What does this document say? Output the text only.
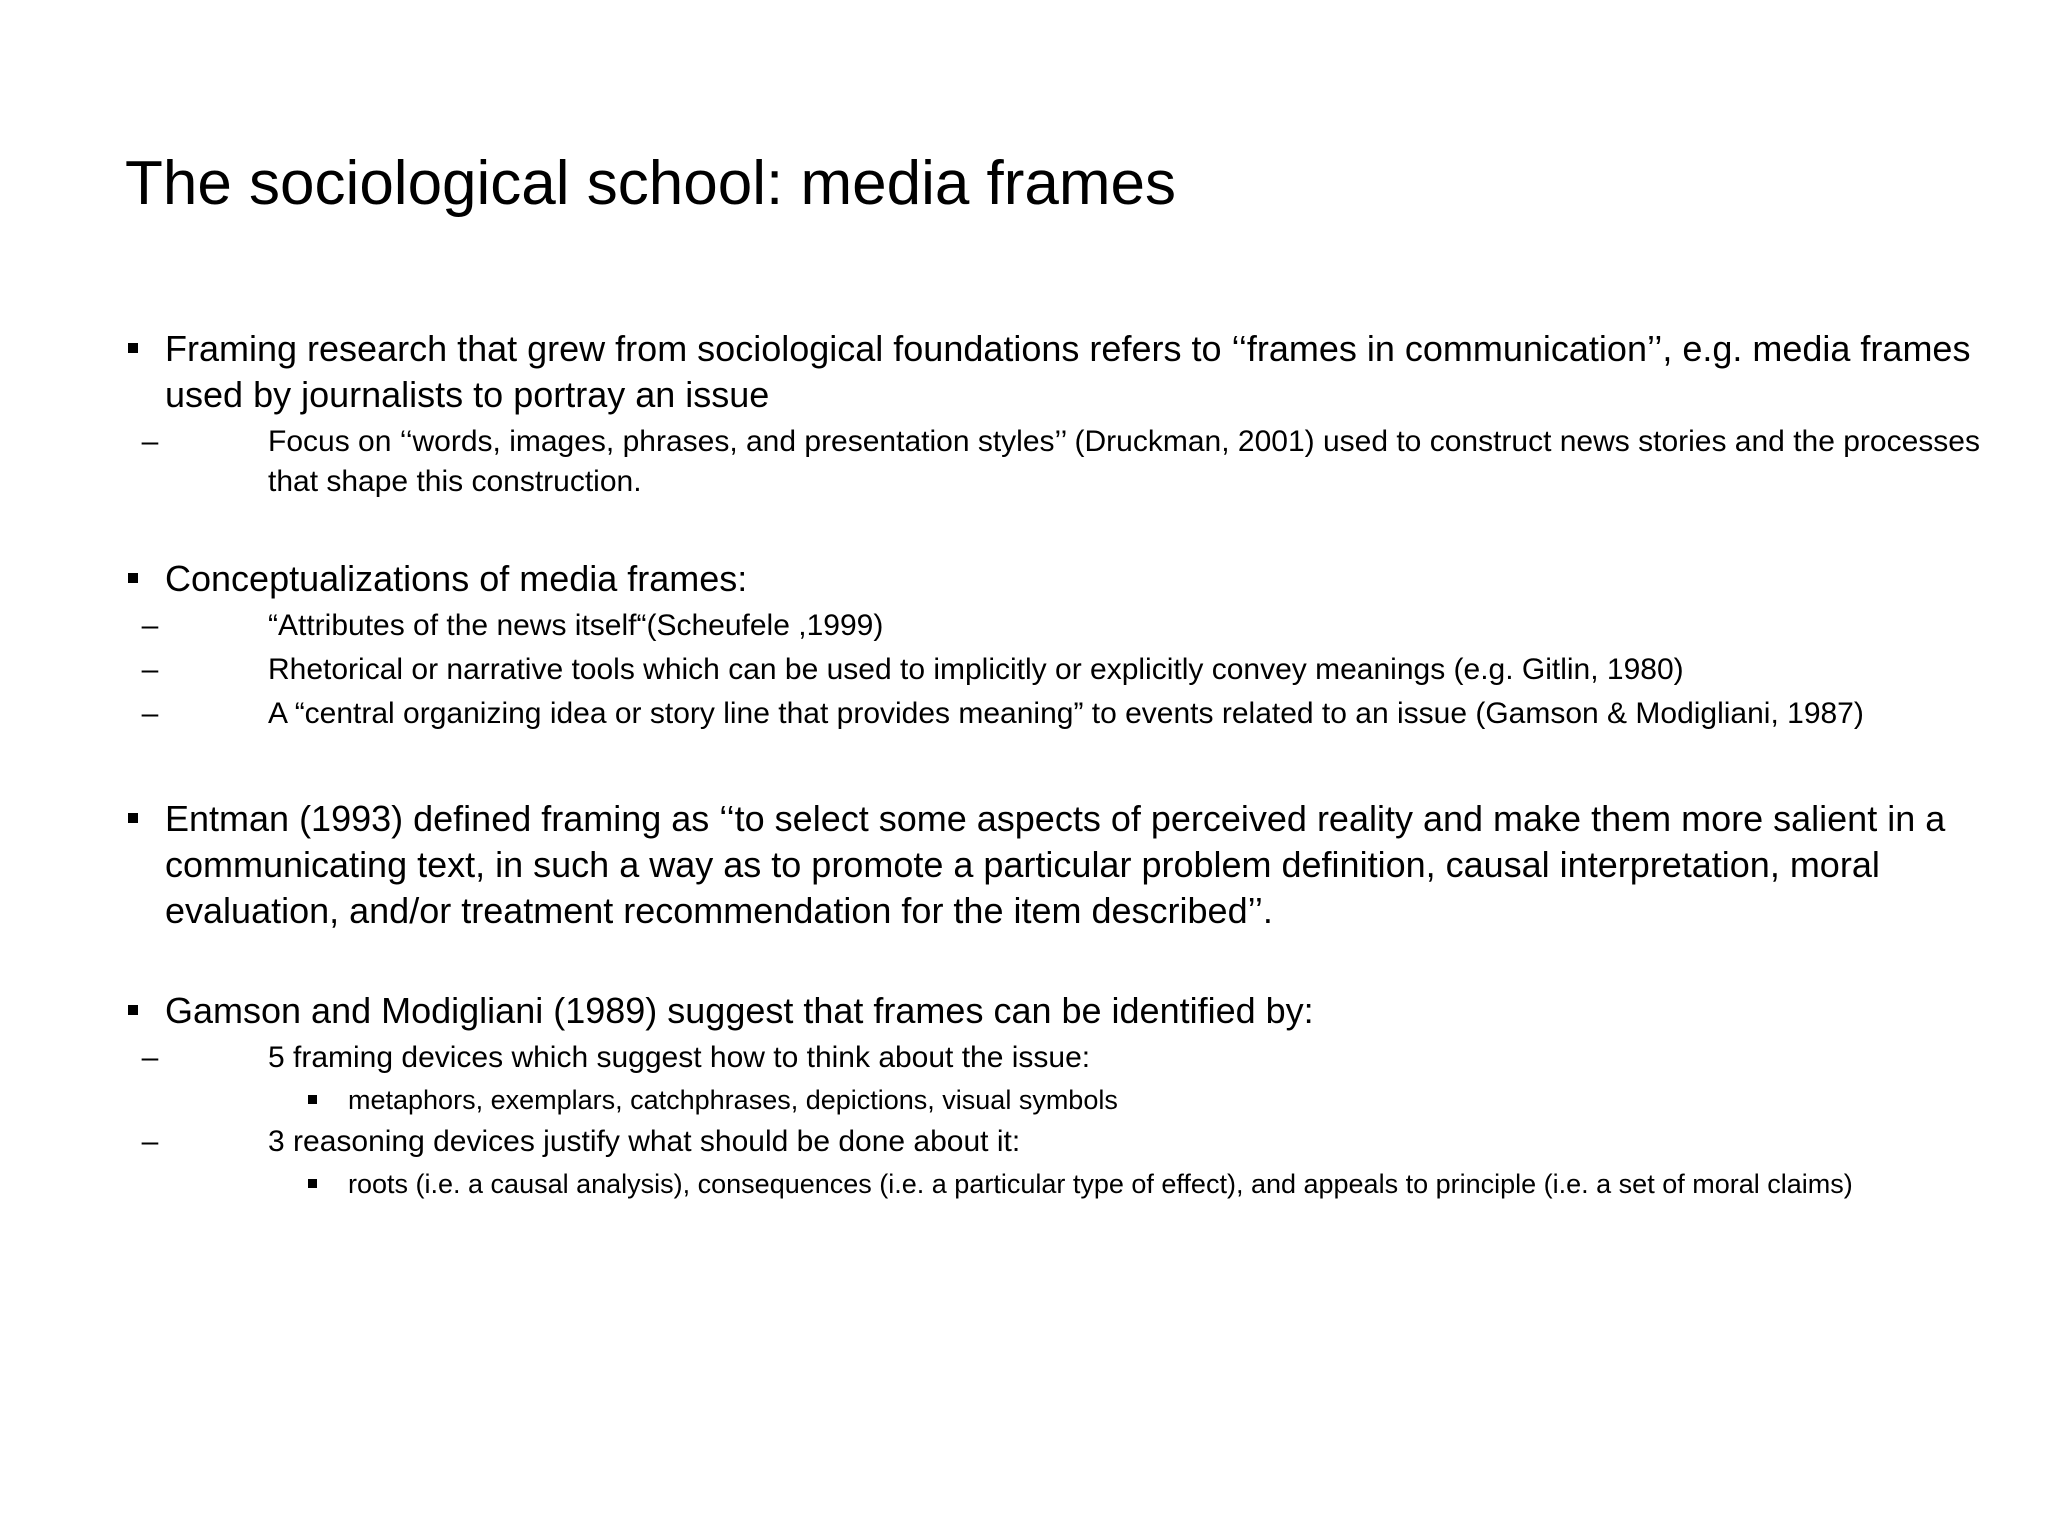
The sociological school: media frames
Framing research that grew from sociological foundations refers to ‘‘frames in communication’’, e.g. media frames used by journalists to portray an issue
–	Focus on ‘‘words, images, phrases, and presentation styles’’ (Druckman, 2001) used to construct news stories and the processes that shape this construction.
Conceptualizations of media frames:
–	“Attributes of the news itself“(Scheufele ,1999)
–	Rhetorical or narrative tools which can be used to implicitly or explicitly convey meanings (e.g. Gitlin, 1980)
–	A “central organizing idea or story line that provides meaning” to events related to an issue (Gamson & Modigliani, 1987)
Entman (1993) defined framing as ‘‘to select some aspects of perceived reality and make them more salient in a communicating text, in such a way as to promote a particular problem definition, causal interpretation, moral evaluation, and/or treatment recommendation for the item described’’.
Gamson and Modigliani (1989) suggest that frames can be identified by:
–	5 framing devices which suggest how to think about the issue:
metaphors, exemplars, catchphrases, depictions, visual symbols
–	3 reasoning devices justify what should be done about it:
roots (i.e. a causal analysis), consequences (i.e. a particular type of effect), and appeals to principle (i.e. a set of moral claims)
